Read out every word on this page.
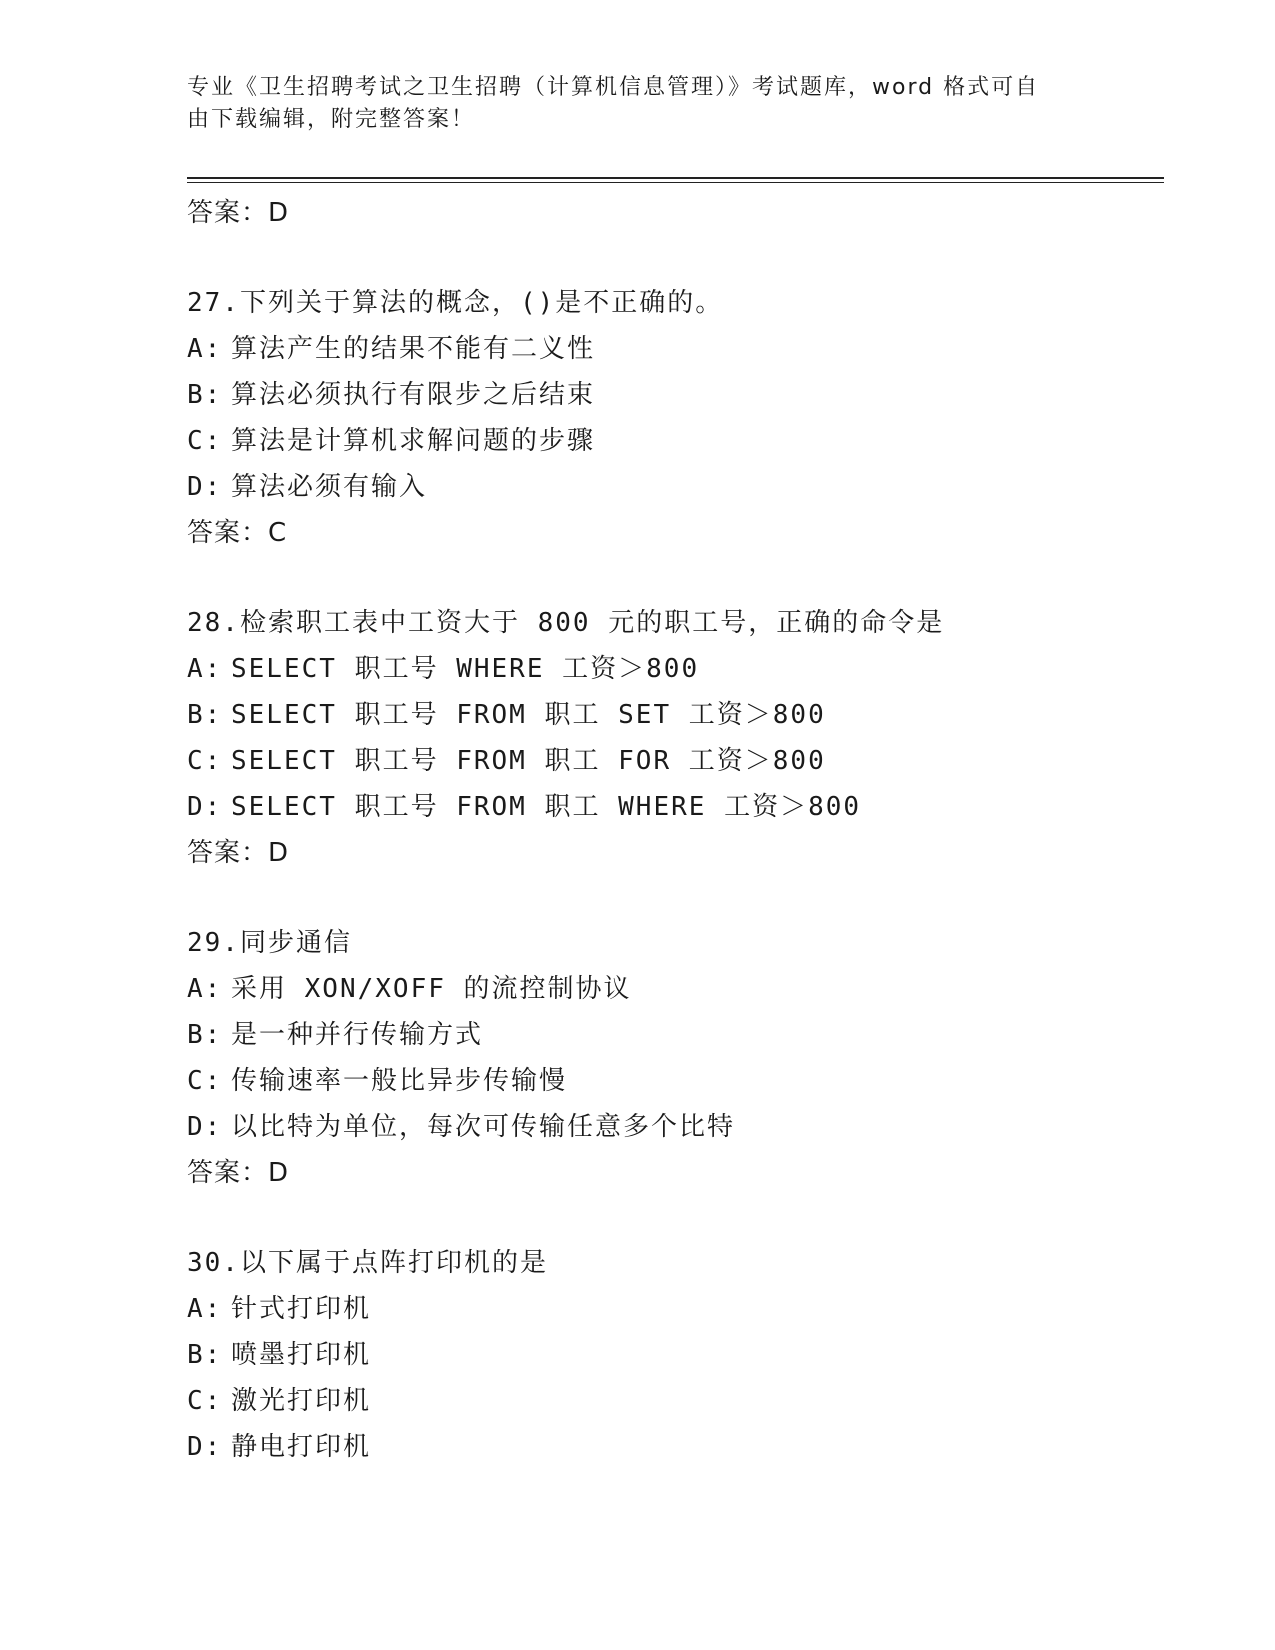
专业《卫生招聘考试之卫生招聘（计算机信息管理）》考试题库，word 格式可自
由下载编辑，附完整答案！
答案：D
27.下列关于算法的概念，()是不正确的。
A: 算法产生的结果不能有二义性
B: 算法必须执行有限步之后结束
C: 算法是计算机求解问题的步骤
D: 算法必须有输入
答案：C
28.检索职工表中工资大于 800 元的职工号，正确的命令是
A: SELECT 职工号 WHERE 工资＞800
B: SELECT 职工号 FROM 职工 SET 工资＞800
C: SELECT 职工号 FROM 职工 FOR 工资＞800
D: SELECT 职工号 FROM 职工 WHERE 工资＞800
答案：D
29.同步通信
A: 采用 XON/XOFF 的流控制协议
B: 是一种并行传输方式
C: 传输速率一般比异步传输慢
D: 以比特为单位，每次可传输任意多个比特
答案：D
30.以下属于点阵打印机的是
A: 针式打印机
B: 喷墨打印机
C: 激光打印机
D: 静电打印机
